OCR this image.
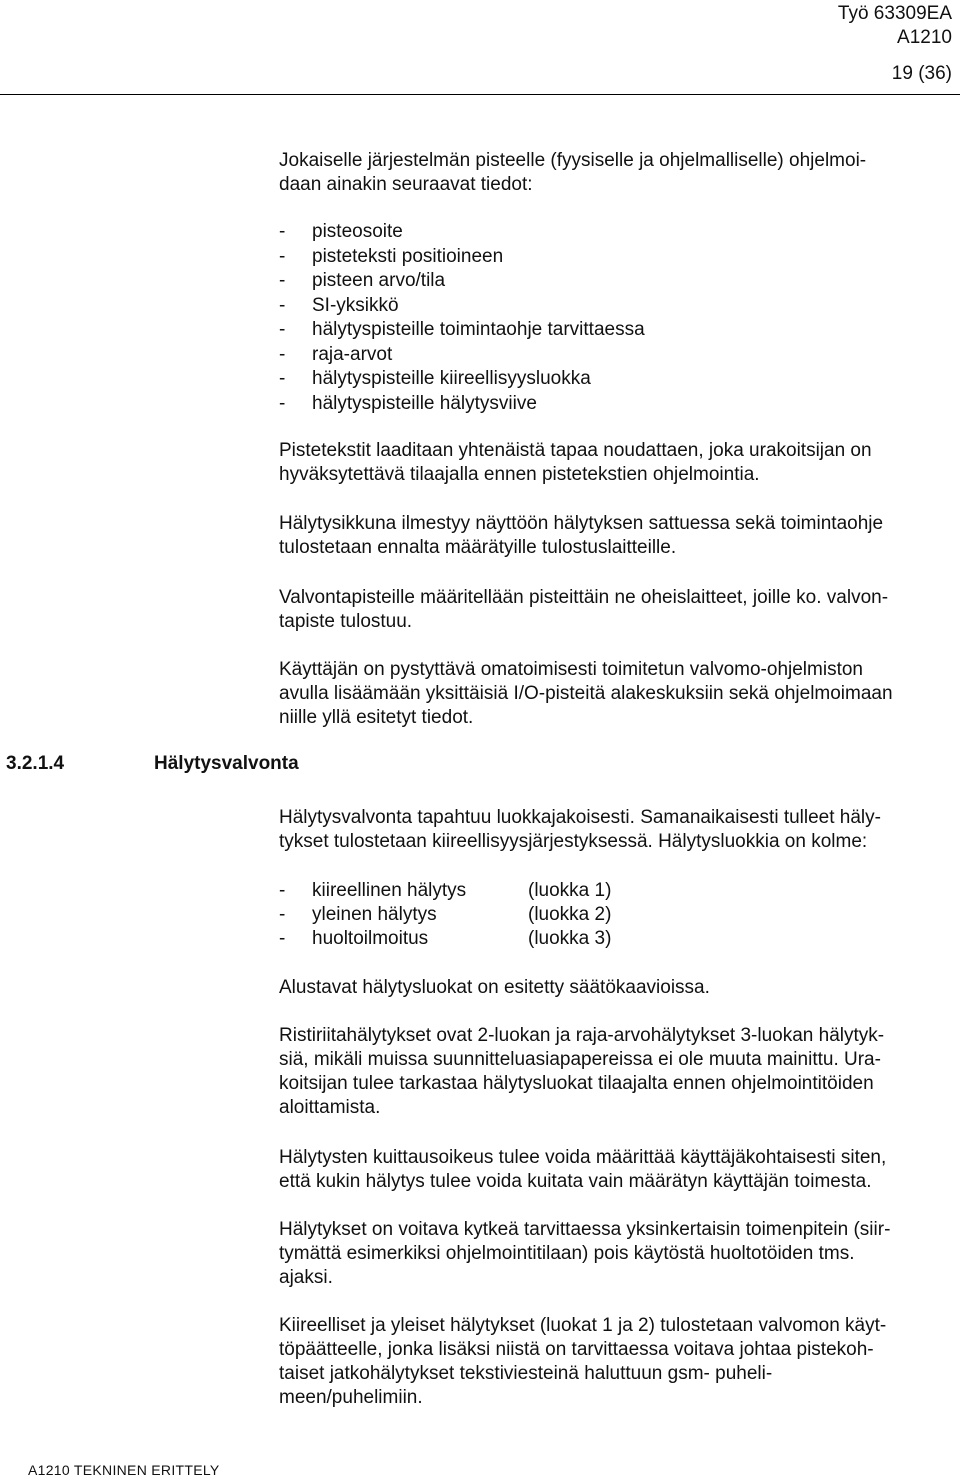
Työ 63309EA
A1210
19 (36)
3.2.1.4	Hälytysvalvonta
Jokaiselle järjestelmän pisteelle (fyysiselle ja ohjelmalliselle) ohjelmoi-
daan ainakin seuraavat tiedot:
- pisteosoite
- pisteteksti positioineen
- pisteen arvo/tila
- SI-yksikkö
- hälytyspisteille toimintaohje tarvittaessa
- raja-arvot
- hälytyspisteille kiireellisyysluokka
- hälytyspisteille hälytysviive
Pistetekstit laaditaan yhtenäistä tapaa noudattaen, joka urakoitsijan on
hyväksytettävä tilaajalla ennen pistetekstien ohjelmointia.
Hälytysikkuna ilmestyy näyttöön hälytyksen sattuessa sekä toimintaohje
tulostetaan ennalta määrätyille tulostuslaitteille.
Valvontapisteille määritellään pisteittäin ne oheislaitteet, joille ko. valvon-
tapiste tulostuu.
Käyttäjän on pystyttävä omatoimisesti toimitetun valvomo-ohjelmiston
avulla lisäämään yksittäisiä I/O-pisteitä alakeskuksiin sekä ohjelmoimaan
niille yllä esitetyt tiedot.
Hälytysvalvonta tapahtuu luokkajakoisesti. Samanaikaisesti tulleet häly-
tykset tulostetaan kiireellisyysjärjestyksessä. Hälytysluokkia on kolme:
- kiireellinen hälytys	(luokka 1)
- yleinen hälytys	(luokka 2)
- huoltoilmoitus	(luokka 3)
Alustavat hälytysluokat on esitetty säätökaavioissa.
Ristiriitahälytykset ovat 2-luokan ja raja-arvohälytykset 3-luokan hälytyk-
siä, mikäli muissa suunnitteluasiapapereissa ei ole muuta mainittu. Ura-
koitsijan tulee tarkastaa hälytysluokat tilaajalta ennen ohjelmointitöiden
aloittamista.
Hälytysten kuittausoikeus tulee voida määrittää käyttäjäkohtaisesti siten,
että kukin hälytys tulee voida kuitata vain määrätyn käyttäjän toimesta.
Hälytykset on voitava kytkeä tarvittaessa yksinkertaisin toimenpitein (siir-
tymättä esimerkiksi ohjelmointitilaan) pois käytöstä huoltotöiden tms.
ajaksi.
Kiireelliset ja yleiset hälytykset (luokat 1 ja 2) tulostetaan valvomon käyt-
töpäätteelle, jonka lisäksi niistä on tarvittaessa voitava johtaa pistekoh-
taiset jatkohälytykset tekstiviesteinä haluttuun gsm- puheli-
meen/puhelimiin.
A1210 TEKNINEN ERITTELY
